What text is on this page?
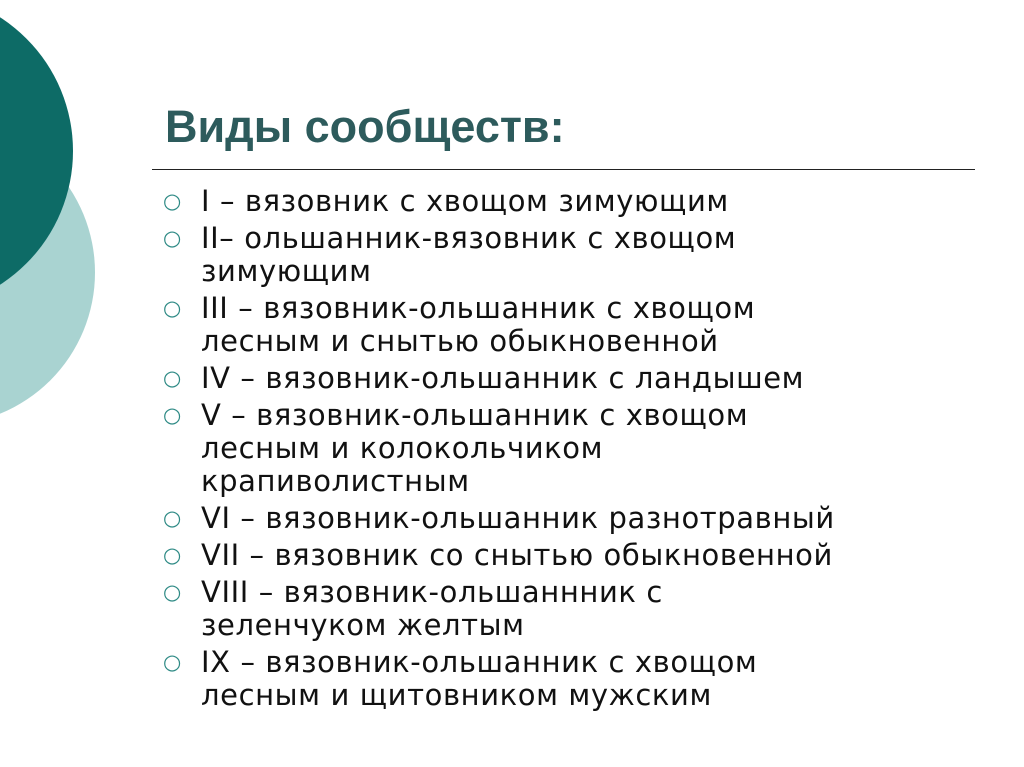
Виды сообществ:
○ I – вязовник с хвощом зимующим
○ II– ольшанник-вязовник с хвощом
зимующим
○ III – вязовник-ольшанник с хвощом
лесным и снытью обыкновенной
○ IV – вязовник-ольшанник с ландышем
○ V – вязовник-ольшанник с хвощом
лесным и колокольчиком
крапиволистным
○ VI – вязовник-ольшанник разнотравный
○ VII – вязовник со снытью обыкновенной
○ VIII – вязовник-ольшаннник с
зеленчуком желтым
○ IX – вязовник-ольшанник с хвощом
лесным и щитовником мужским
